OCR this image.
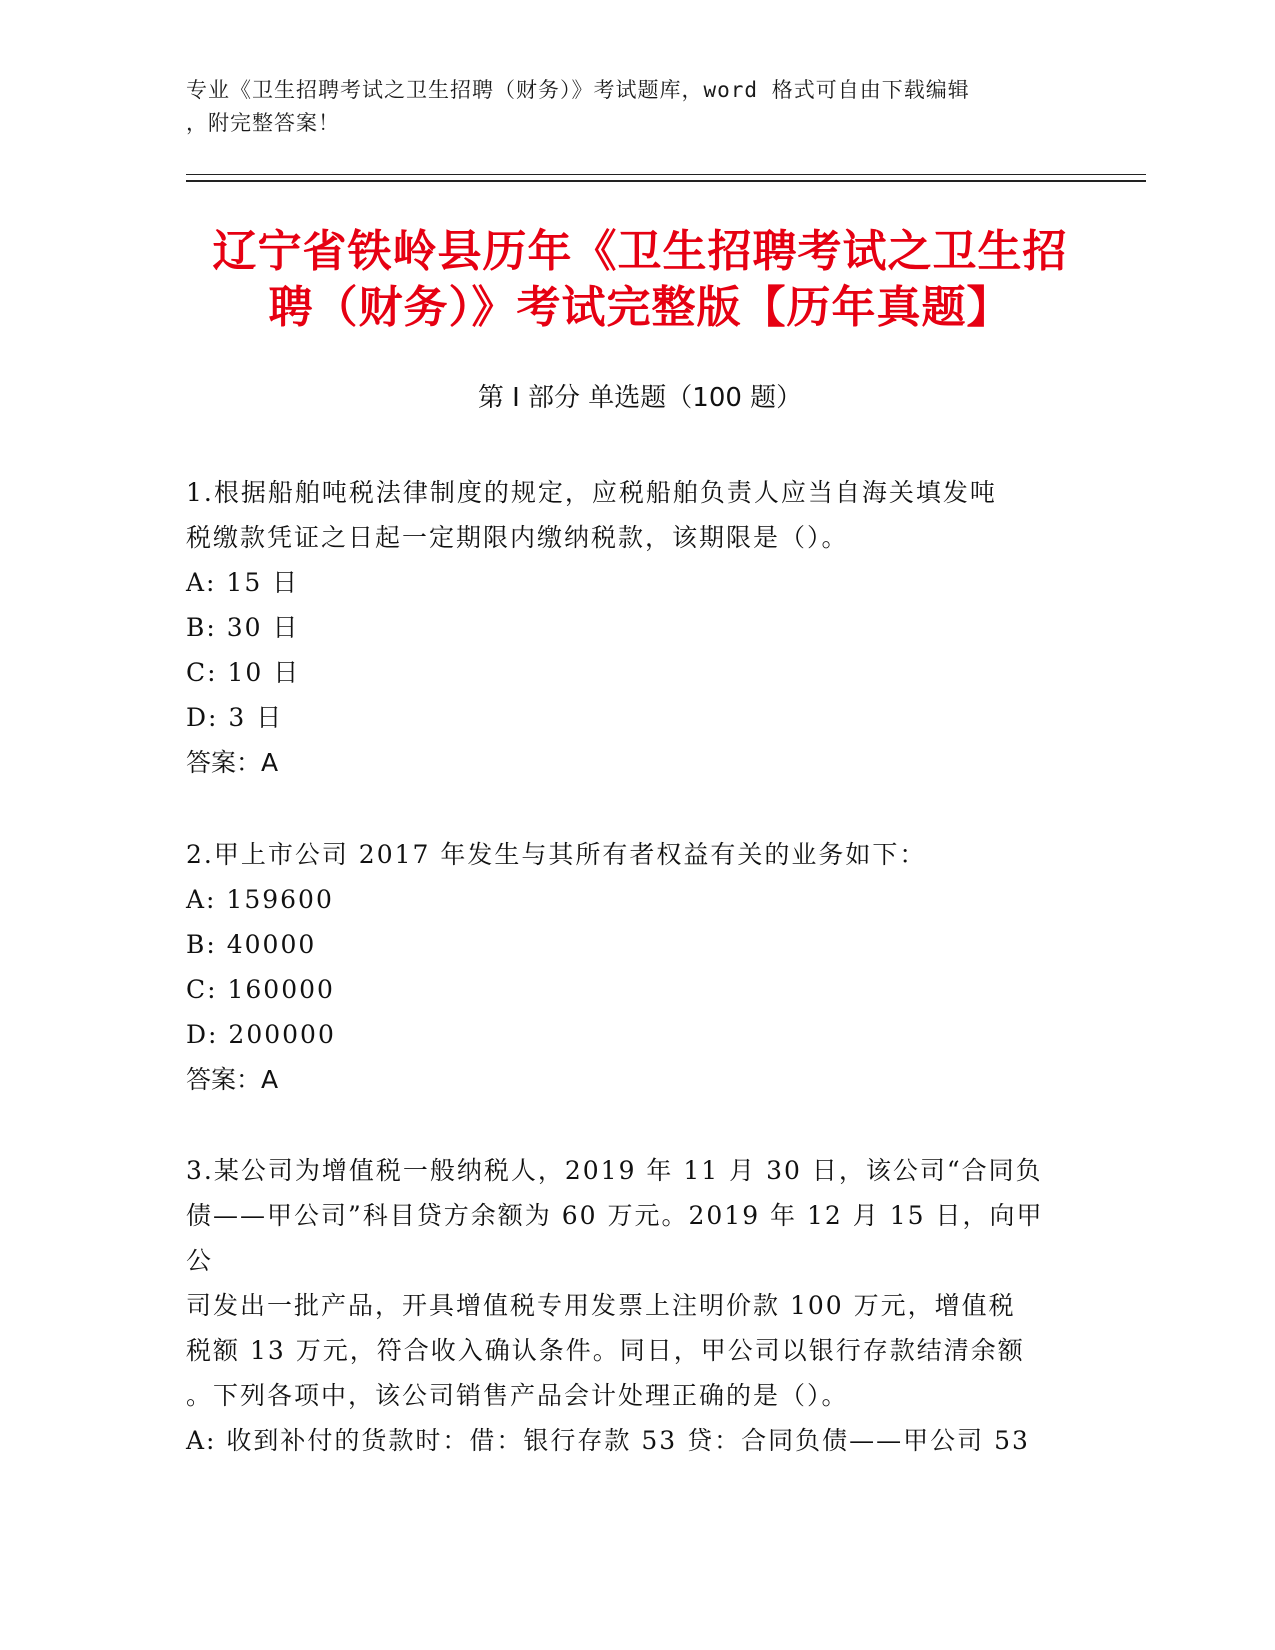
专业《卫生招聘考试之卫生招聘（财务）》考试题库，word 格式可自由下载编辑
，附完整答案！
辽宁省铁岭县历年《卫生招聘考试之卫生招
聘（财务）》考试完整版【历年真题】
第 I 部分 单选题（100 题）

1.根据船舶吨税法律制度的规定，应税船舶负责人应当自海关填发吨

税缴款凭证之日起一定期限内缴纳税款，该期限是（）。

A: 15 日

B: 30 日

C: 10 日

D: 3 日

答案：A

2.甲上市公司 2017 年发生与其所有者权益有关的业务如下：

A: 159600

B: 40000

C: 160000

D: 200000

答案：A

3.某公司为增值税一般纳税人，2019 年 11 月 30 日，该公司“合同负

债——甲公司”科目贷方余额为 60 万元。2019 年 12 月 15 日，向甲公

司发出一批产品，开具增值税专用发票上注明价款 100 万元，增值税

税额 13 万元，符合收入确认条件。同日，甲公司以银行存款结清余额

。下列各项中，该公司销售产品会计处理正确的是（）。

A: 收到补付的货款时：借：银行存款 53 贷：合同负债——甲公司 53
